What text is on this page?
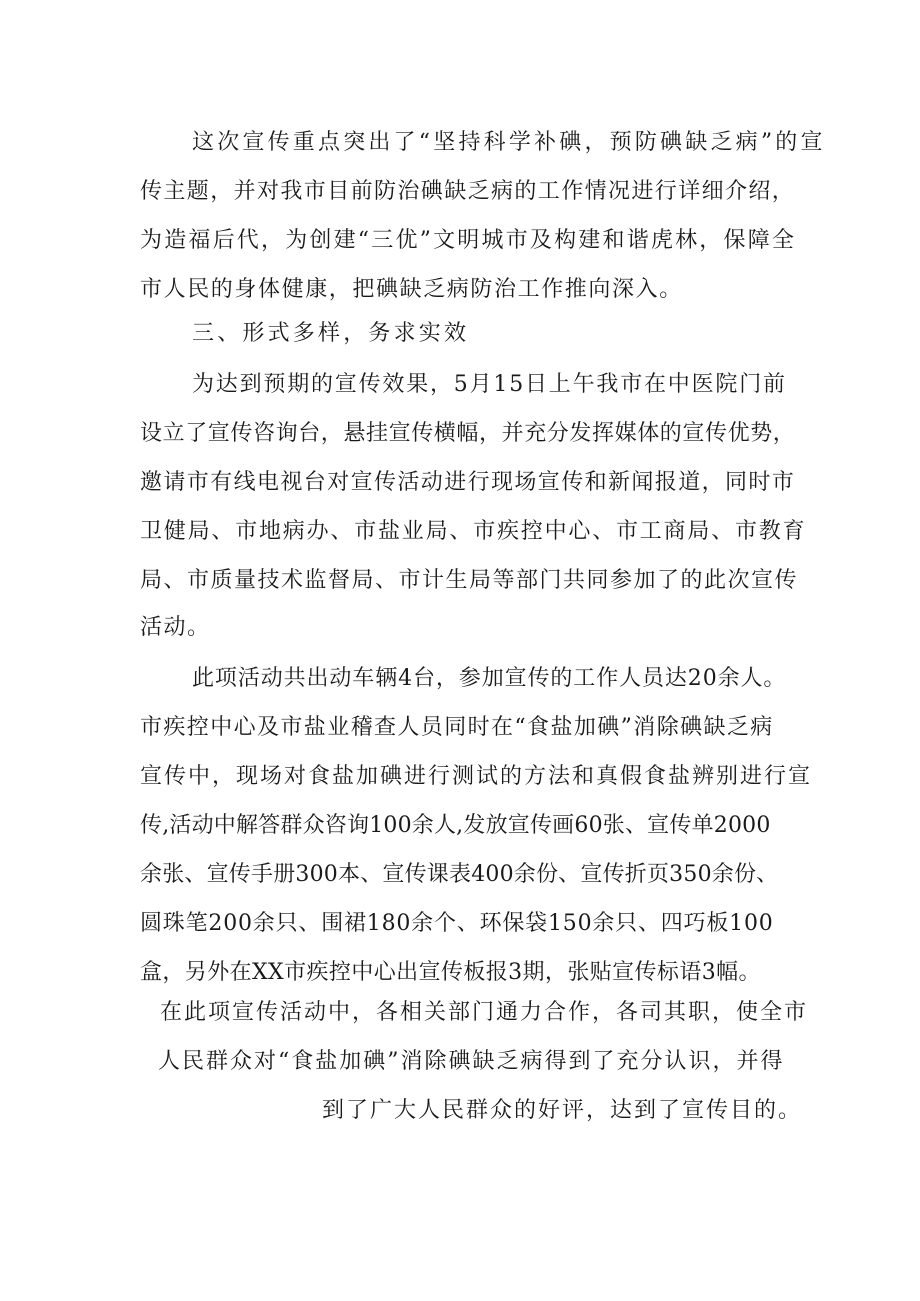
这次宣传重点突出了“坚持科学补碘，预防碘缺乏病”的宣
传主题，并对我市目前防治碘缺乏病的工作情况进行详细介绍，
为造福后代，为创建“三优”文明城市及构建和谐虎林，保障全
市人民的身体健康，把碘缺乏病防治工作推向深入。
三、形式多样，务求实效
为达到预期的宣传效果，5月15日上午我市在中医院门前
设立了宣传咨询台，悬挂宣传横幅，并充分发挥媒体的宣传优势，
邀请市有线电视台对宣传活动进行现场宣传和新闻报道，同时市
卫健局、市地病办、市盐业局、市疾控中心、市工商局、市教育
局、市质量技术监督局、市计生局等部门共同参加了的此次宣传
活动。
此项活动共出动车辆4台，参加宣传的工作人员达20余人。
市疾控中心及市盐业稽查人员同时在“食盐加碘”消除碘缺乏病
宣传中，现场对食盐加碘进行测试的方法和真假食盐辨别进行宣
传,活动中解答群众咨询100余人,发放宣传画60张、宣传单2000
余张、宣传手册300本、宣传课表400余份、宣传折页350余份、
圆珠笔200余只、围裙180余个、环保袋150余只、四巧板100
盒，另外在XX市疾控中心出宣传板报3期，张贴宣传标语3幅。
在此项宣传活动中，各相关部门通力合作，各司其职，使全市
人民群众对“食盐加碘”消除碘缺乏病得到了充分认识，并得
到了广大人民群众的好评，达到了宣传目的。
